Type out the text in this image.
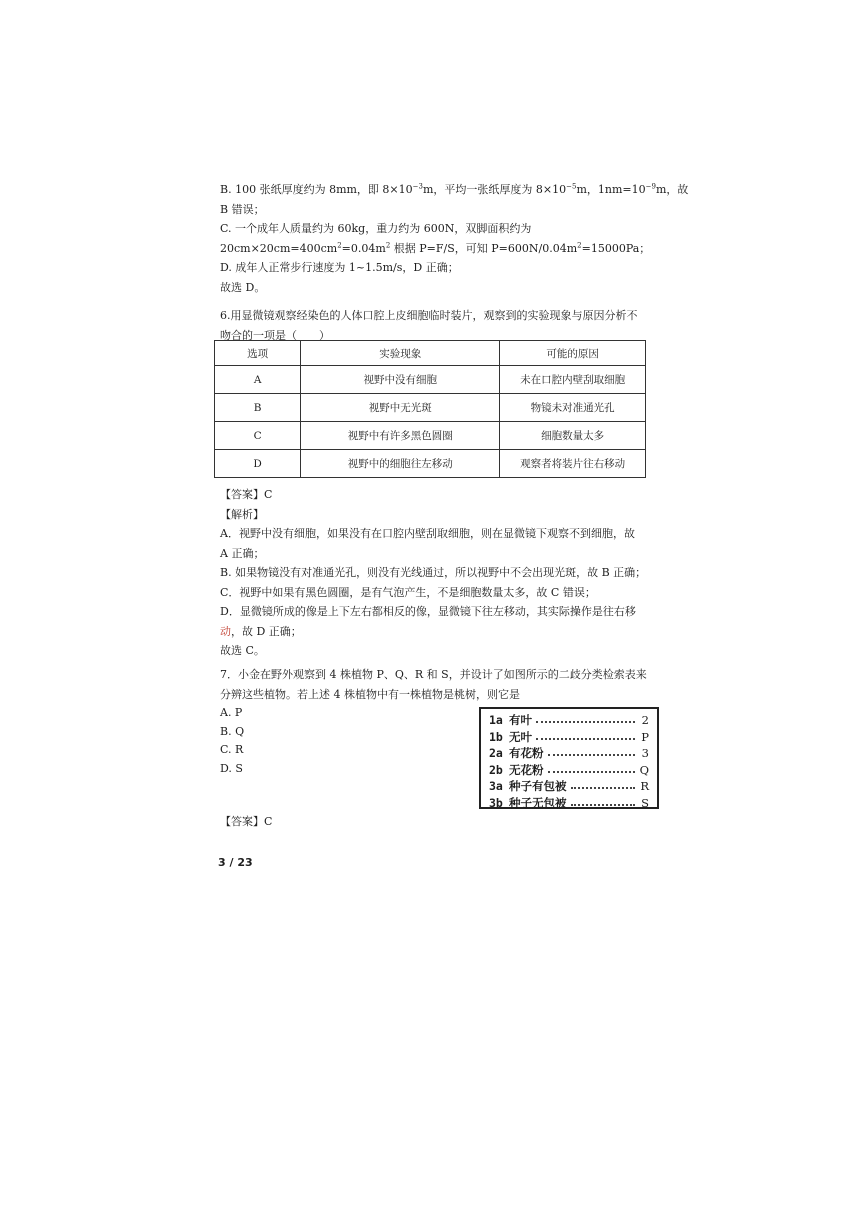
B. 100 张纸厚度约为 8mm，即 $8\times 10^{-3}m$，平均一张纸厚度为 $8\times 10^{-5}m$，$1nm=10^{-9}m$，故
B 错误；
C. 一个成年人质量约为 60kg，重力约为 600N，双脚面积约为
$20cm\times 20cm=400cm^2=0.04m^2$ 根据 P=F/S，可知 $P=600N/0.04m^2=15000Pa$；
D. 成年人正常步行速度为 1~1.5m/s，D 正确；
故选 D。
6.用显微镜观察经染色的人体口腔上皮细胞临时装片，观察到的实验现象与原因分析不
吻合的一项是（　　）
选项	实验现象	可能的原因
A	视野中没有细胞	未在口腔内壁刮取细胞
B	视野中无光斑	物镜未对准通光孔
C	视野中有许多黑色圆圈	细胞数量太多
D	视野中的细胞往左移动	观察者将装片往右移动
【答案】C
【解析】
A．视野中没有细胞，如果没有在口腔内壁刮取细胞，则在显微镜下观察不到细胞，故
A 正确；
B. 如果物镜没有对准通光孔，则没有光线通过，所以视野中不会出现光斑，故 B 正确；
C．视野中如果有黑色圆圈，是有气泡产生，不是细胞数量太多，故 C 错误；
D．显微镜所成的像是上下左右都相反的像，显微镜下往左移动，其实际操作是往右移
动，故 D 正确；
故选 C。
7．小金在野外观察到 4 株植物 P、Q、R 和 S，并设计了如图所示的二歧分类检索表来
分辨这些植物。若上述 4 株植物中有一株植物是桃树，则它是
A. P
B. Q
C. R
D. S
1a 有叶	2
1b 无叶	P
2a 有花粉	3
2b 无花粉	Q
3a 种子有包被	R
3b 种子无包被	S
【答案】C
3 / 23
